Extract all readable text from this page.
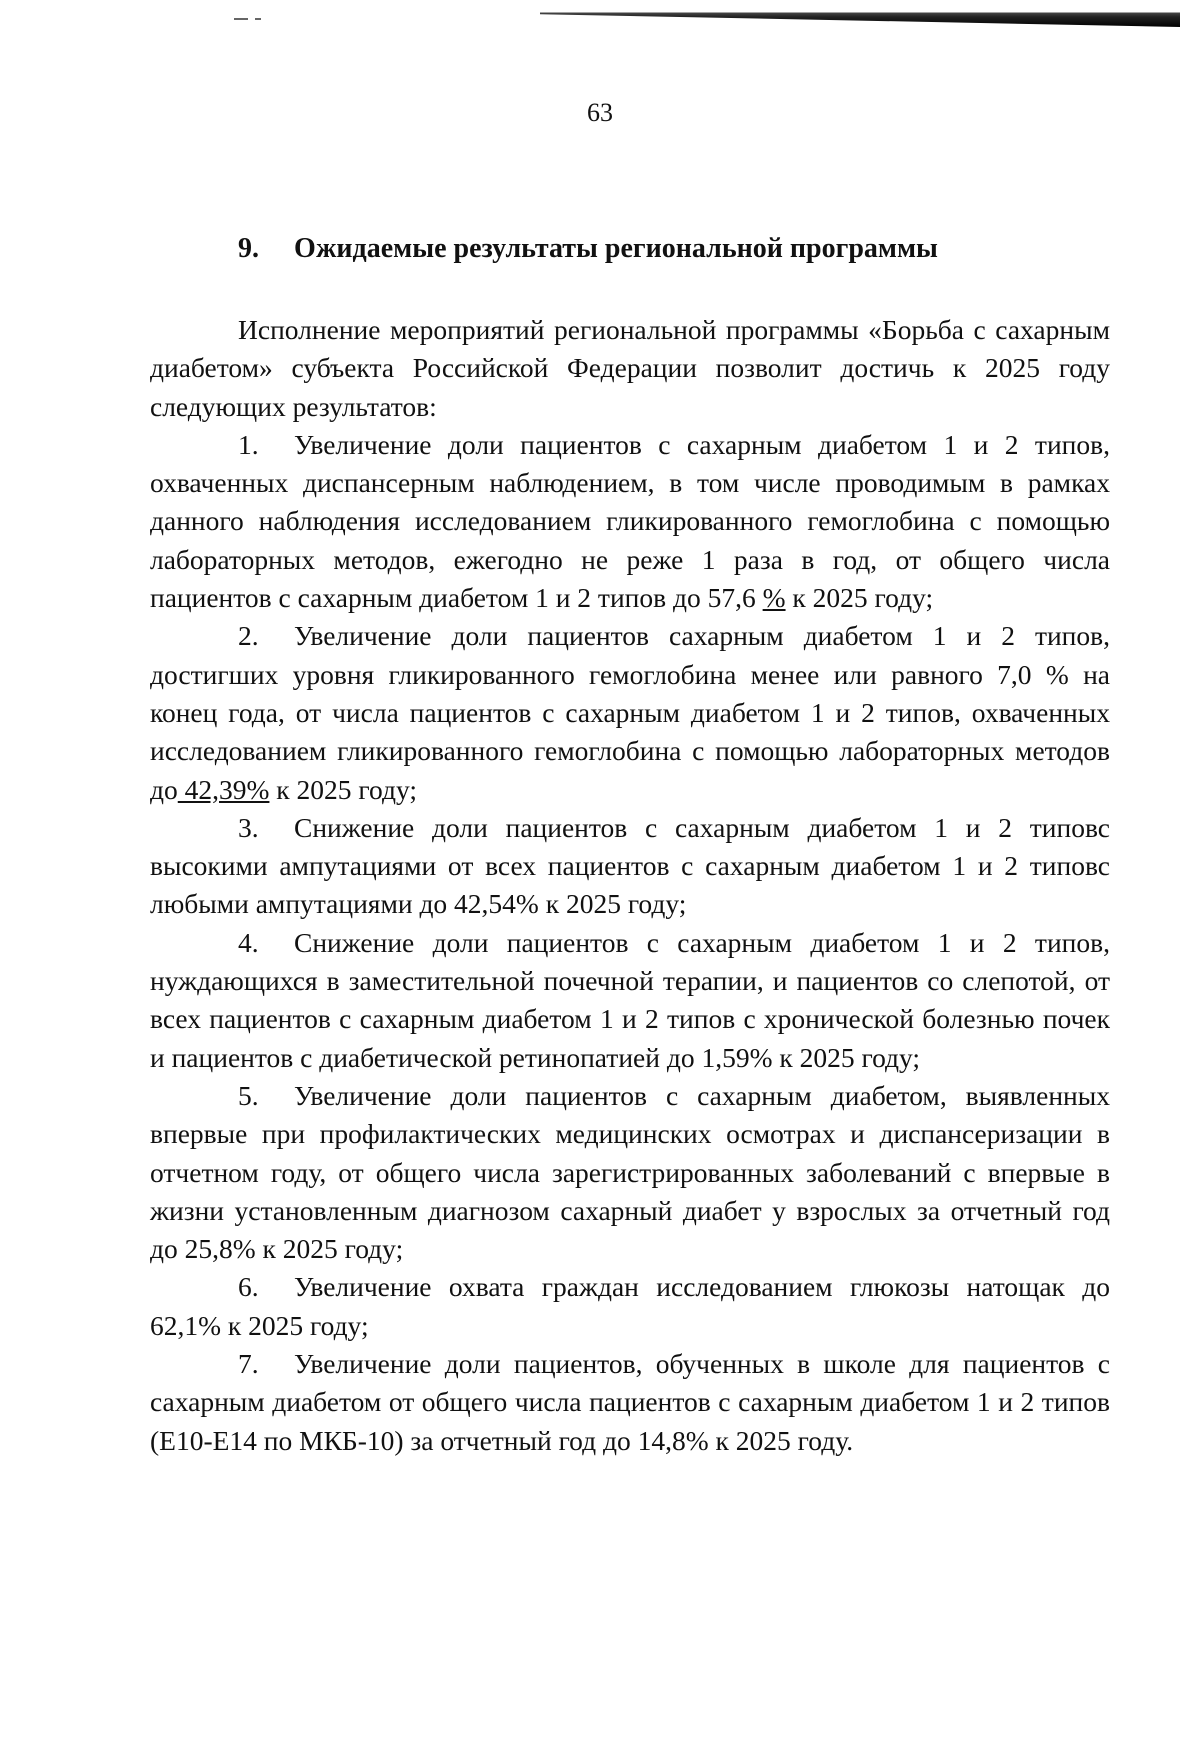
63
9. Ожидаемые результаты региональной программы

Исполнение мероприятий региональной программы «Борьба с сахарным диабетом» субъекта Российской Федерации позволит достичь к 2025 году следующих результатов:

1. Увеличение доли пациентов с сахарным диабетом 1 и 2 типов, охваченных диспансерным наблюдением, в том числе проводимым в рамках данного наблюдения исследованием гликированного гемоглобина с помощью лабораторных методов, ежегодно не реже 1 раза в год, от общего числа пациентов с сахарным диабетом 1 и 2 типов до 57,6 % к 2025 году;

2. Увеличение доли пациентов сахарным диабетом 1 и 2 типов, достигших уровня гликированного гемоглобина менее или равного 7,0 % на конец года, от числа пациентов с сахарным диабетом 1 и 2 типов, охваченных исследованием гликированного гемоглобина с помощью лабораторных методов до 42,39% к 2025 году;

3. Снижение доли пациентов с сахарным диабетом 1 и 2 типовс высокими ампутациями от всех пациентов с сахарным диабетом 1 и 2 типовс любыми ампутациями до 42,54% к 2025 году;

4. Снижение доли пациентов с сахарным диабетом 1 и 2 типов, нуждающихся в заместительной почечной терапии, и пациентов со слепотой, от всех пациентов с сахарным диабетом 1 и 2 типов с хронической болезнью почек и пациентов с диабетической ретинопатией до 1,59% к 2025 году;

5. Увеличение доли пациентов с сахарным диабетом, выявленных впервые при профилактических медицинских осмотрах и диспансеризации в отчетном году, от общего числа зарегистрированных заболеваний с впервые в жизни установленным диагнозом сахарный диабет у взрослых за отчетный год до 25,8% к 2025 году;

6. Увеличение охвата граждан исследованием глюкозы натощак до 62,1% к 2025 году;

7. Увеличение доли пациентов, обученных в школе для пациентов с сахарным диабетом от общего числа пациентов с сахарным диабетом 1 и 2 типов (Е10-Е14 по МКБ-10) за отчетный год до 14,8% к 2025 году.
